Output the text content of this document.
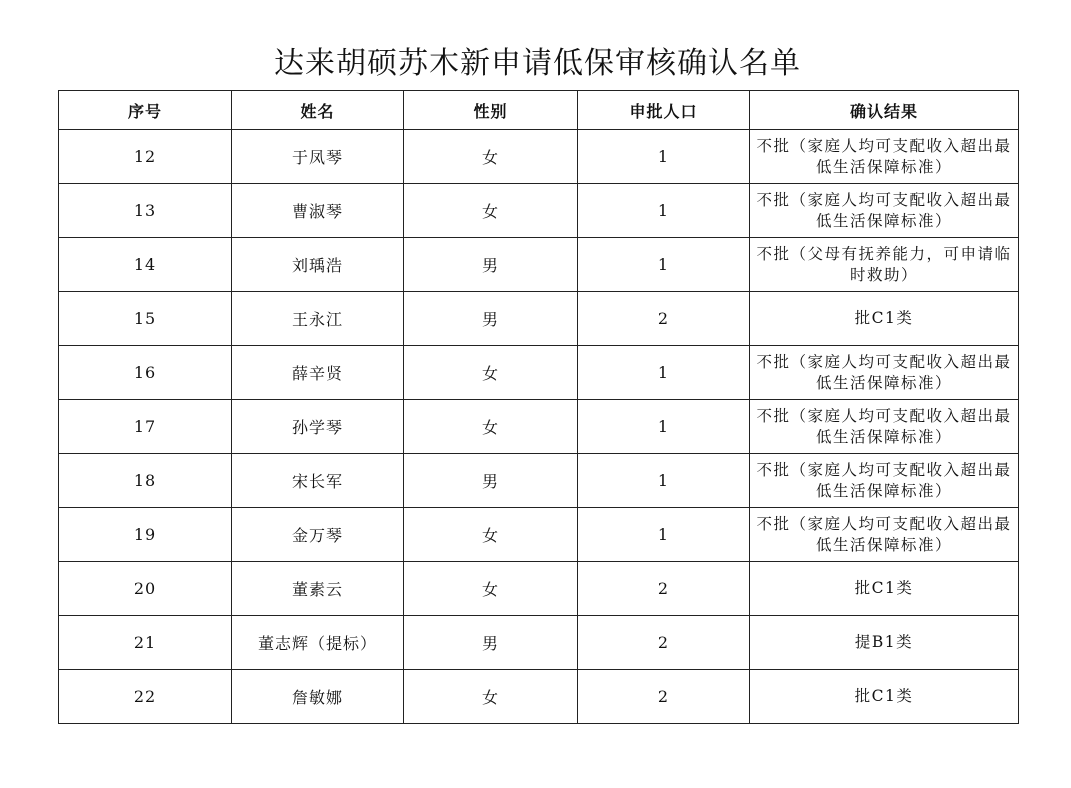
达来胡硕苏木新申请低保审核确认名单
序号	姓名	性别	申批人口	确认结果
12	于凤琴	女	1	不批（家庭人均可支配收入超出最低生活保障标准）
13	曹淑琴	女	1	不批（家庭人均可支配收入超出最低生活保障标准）
14	刘瑀浩	男	1	不批（父母有抚养能力，可申请临时救助）
15	王永江	男	2	批C1类
16	薛辛贤	女	1	不批（家庭人均可支配收入超出最低生活保障标准）
17	孙学琴	女	1	不批（家庭人均可支配收入超出最低生活保障标准）
18	宋长军	男	1	不批（家庭人均可支配收入超出最低生活保障标准）
19	金万琴	女	1	不批（家庭人均可支配收入超出最低生活保障标准）
20	董素云	女	2	批C1类
21	董志辉（提标）	男	2	提B1类
22	詹敏娜	女	2	批C1类
